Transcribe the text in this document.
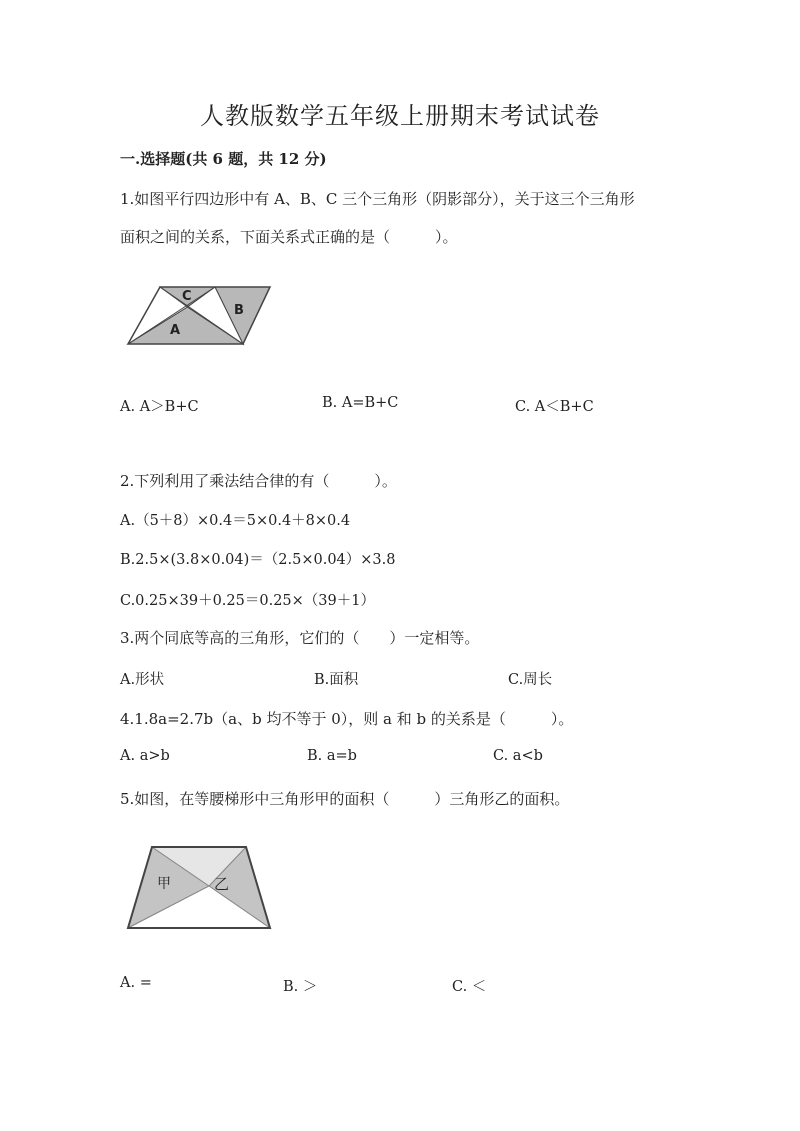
人教版数学五年级上册期末考试试卷
一.选择题(共 6 题，共 12 分)
1.如图平行四边形中有 A、B、C 三个三角形（阴影部分），关于这三个三角形
面积之间的关系，下面关系式正确的是（　　　）。
C
B
A
A. A＞B+C	B. A=B+C	C. A＜B+C
2.下列利用了乘法结合律的有（　　　）。
A.（5＋8）×0.4＝5×0.4＋8×0.4
B.2.5×(3.8×0.04)＝（2.5×0.04）×3.8
C.0.25×39＋0.25＝0.25×（39＋1）
3.两个同底等高的三角形，它们的（　　）一定相等。
A.形状	B.面积	C.周长
4.1.8a=2.7b（a、b 均不等于 0），则 a 和 b 的关系是（　　　）。
A. a>b	B. a=b	C. a<b
5.如图，在等腰梯形中三角形甲的面积（　　　）三角形乙的面积。
甲	乙
A. =	B. ＞	C. ＜
